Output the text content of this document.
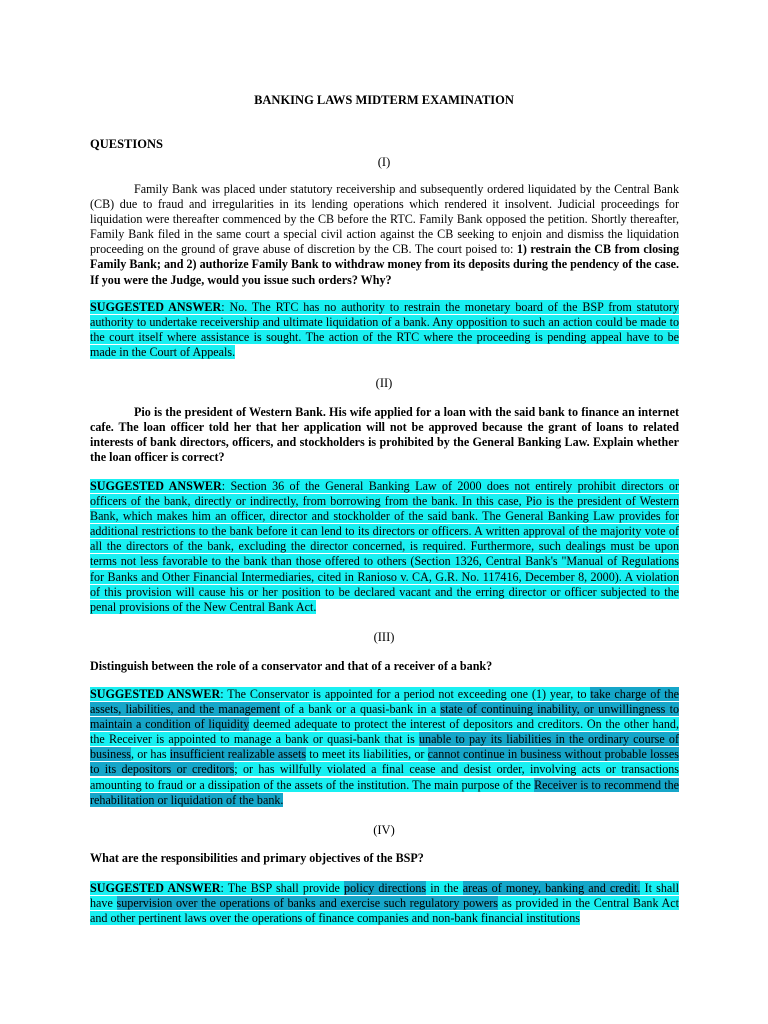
BANKING LAWS MIDTERM EXAMINATION

QUESTIONS

(I)

Family Bank was placed under statutory receivership and subsequently ordered liquidated by the Central Bank (CB) due to fraud and irregularities in its lending operations which rendered it insolvent. Judicial proceedings for liquidation were thereafter commenced by the CB before the RTC. Family Bank opposed the petition. Shortly thereafter, Family Bank filed in the same court a special civil action against the CB seeking to enjoin and dismiss the liquidation proceeding on the ground of grave abuse of discretion by the CB. The court poised to: 1) restrain the CB from closing Family Bank; and 2) authorize Family Bank to withdraw money from its deposits during the pendency of the case. If you were the Judge, would you issue such orders? Why?

SUGGESTED ANSWER: No. The RTC has no authority to restrain the monetary board of the BSP from statutory authority to undertake receivership and ultimate liquidation of a bank. Any opposition to such an action could be made to the court itself where assistance is sought. The action of the RTC where the proceeding is pending appeal have to be made in the Court of Appeals.

(II)

Pio is the president of Western Bank. His wife applied for a loan with the said bank to finance an internet cafe. The loan officer told her that her application will not be approved because the grant of loans to related interests of bank directors, officers, and stockholders is prohibited by the General Banking Law. Explain whether the loan officer is correct?

SUGGESTED ANSWER: Section 36 of the General Banking Law of 2000 does not entirely prohibit directors or officers of the bank, directly or indirectly, from borrowing from the bank. In this case, Pio is the president of Western Bank, which makes him an officer, director and stockholder of the said bank. The General Banking Law provides for additional restrictions to the bank before it can lend to its directors or officers. A written approval of the majority vote of all the directors of the bank, excluding the director concerned, is required. Furthermore, such dealings must be upon terms not less favorable to the bank than those offered to others (Section 1326, Central Bank's "Manual of Regulations for Banks and Other Financial Intermediaries, cited in Ranioso v. CA, G.R. No. 117416, December 8, 2000). A violation of this provision will cause his or her position to be declared vacant and the erring director or officer subjected to the penal provisions of the New Central Bank Act.

(III)

Distinguish between the role of a conservator and that of a receiver of a bank?

SUGGESTED ANSWER: The Conservator is appointed for a period not exceeding one (1) year, to take charge of the assets, liabilities, and the management of a bank or a quasi-bank in a state of continuing inability, or unwillingness to maintain a condition of liquidity deemed adequate to protect the interest of depositors and creditors. On the other hand, the Receiver is appointed to manage a bank or quasi-bank that is unable to pay its liabilities in the ordinary course of business, or has insufficient realizable assets to meet its liabilities, or cannot continue in business without probable losses to its depositors or creditors; or has willfully violated a final cease and desist order, involving acts or transactions amounting to fraud or a dissipation of the assets of the institution. The main purpose of the Receiver is to recommend the rehabilitation or liquidation of the bank.

(IV)

What are the responsibilities and primary objectives of the BSP?

SUGGESTED ANSWER: The BSP shall provide policy directions in the areas of money, banking and credit. It shall have supervision over the operations of banks and exercise such regulatory powers as provided in the Central Bank Act and other pertinent laws over the operations of finance companies and non-bank financial institutions
